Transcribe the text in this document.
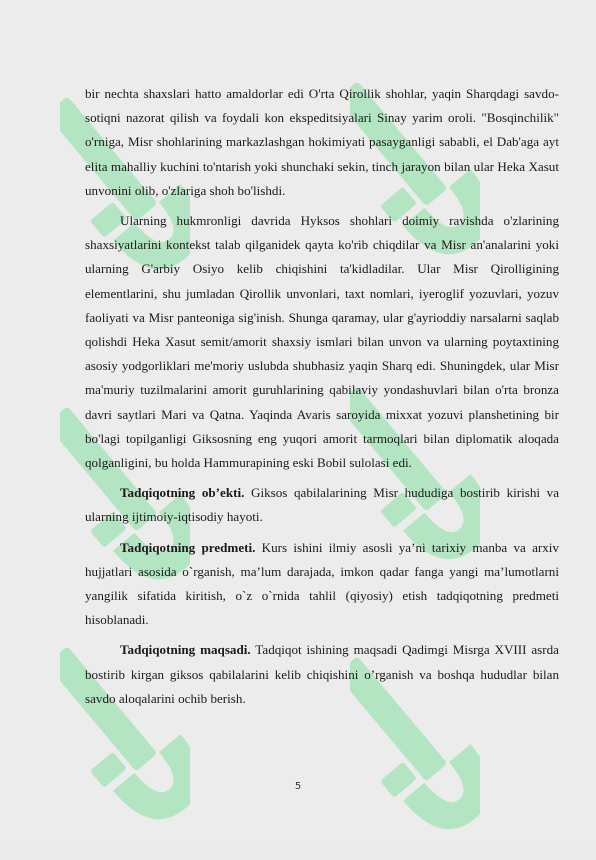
bir nechta shaxslari hatto amaldorlar edi O'rta Qirollik shohlar, yaqin Sharqdagi savdo-sotiqni nazorat qilish va foydali kon ekspeditsiyalari Sinay yarim oroli. "Bosqinchilik" o'rniga, Misr shohlarining markazlashgan hokimiyati pasayganligi sababli, el Dab'aga ayt elita mahalliy kuchini to'ntarish yoki shunchaki sekin, tinch jarayon bilan ular Heka Xasut unvonini olib, o'zlariga shoh bo'lishdi.

Ularning hukmronligi davrida Hyksos shohlari doimiy ravishda o'zlarining shaxsiyatlarini kontekst talab qilganidek qayta ko'rib chiqdilar va Misr an'analarini yoki ularning G'arbiy Osiyo kelib chiqishini ta'kidladilar. Ular Misr Qirolligining elementlarini, shu jumladan Qirollik unvonlari, taxt nomlari, iyeroglif yozuvlari, yozuv faoliyati va Misr panteoniga sig'inish. Shunga qaramay, ular g'ayrioddiy narsalarni saqlab qolishdi Heka Xasut semit/amorit shaxsiy ismlari bilan unvon va ularning poytaxtining asosiy yodgorliklari me'moriy uslubda shubhasiz yaqin Sharq edi. Shuningdek, ular Misr ma'muriy tuzilmalarini amorit guruhlarining qabilaviy yondashuvlari bilan o'rta bronza davri saytlari Mari va Qatna. Yaqinda Avaris saroyida mixxat yozuvi planshetining bir bo'lagi topilganligi Giksosning eng yuqori amorit tarmoqlari bilan diplomatik aloqada qolganligini, bu holda Hammurapining eski Bobil sulolasi edi.

Tadqiqotning ob’ekti. Giksos qabilalarining Misr hududiga bostirib kirishi va ularning ijtimoiy-iqtisodiy hayoti.

Tadqiqotning predmeti. Kurs ishini ilmiy asosli ya’ni tarixiy manba va arxiv hujjatlari asosida o`rganish, ma’lum darajada, imkon qadar fanga yangi ma’lumotlarni yangilik sifatida kiritish, o`z o`rnida tahlil (qiyosiy) etish tadqiqotning predmeti hisoblanadi.

Tadqiqotning maqsadi. Tadqiqot ishining maqsadi Qadimgi Misrga XVIII asrda bostirib kirgan giksos qabilalarini kelib chiqishini o’rganish va boshqa hududlar bilan savdo aloqalarini ochib berish.

5
